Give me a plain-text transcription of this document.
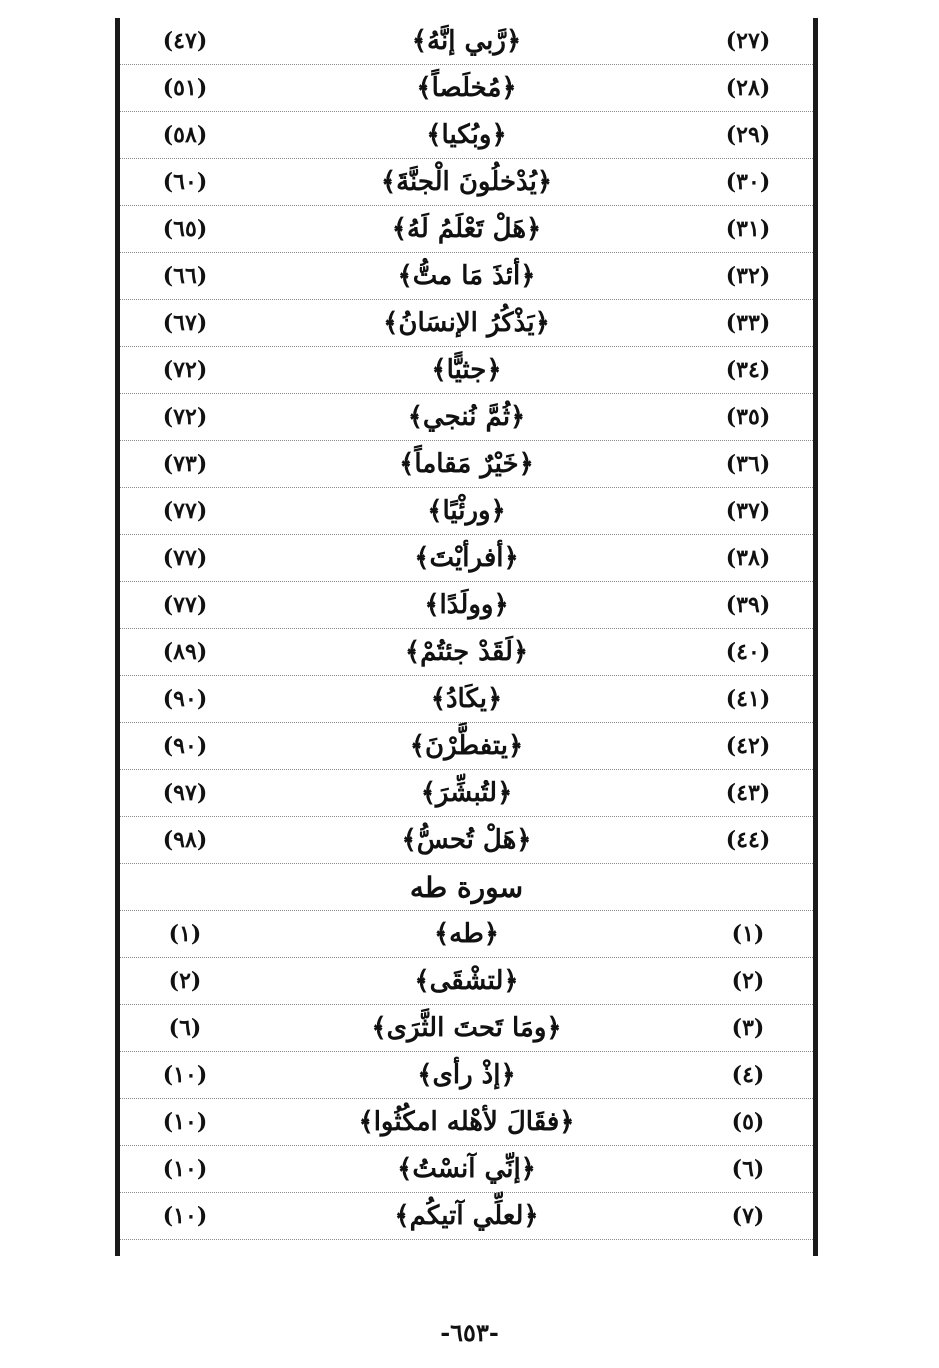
(٢٧)
﴿رَّبي إنَّهُ﴾
(٤٧)
(٢٨)
﴿مُخلَصاً﴾
(٥١)
(٢٩)
﴿وبُكيا﴾
(٥٨)
(٣٠)
﴿يُدْخلُونَ الْجنَّةَ﴾
(٦٠)
(٣١)
﴿هَلْ تَعْلَمُ لَهُ﴾
(٦٥)
(٣٢)
﴿أئذَ مَا متُّ﴾
(٦٦)
(٣٣)
﴿يَذْكُرُ الإنسَانُ﴾
(٦٧)
(٣٤)
﴿جثيًّا﴾
(٧٢)
(٣٥)
﴿ثُمَّ نُنجي﴾
(٧٢)
(٣٦)
﴿خَيْرٌ مَقاماً﴾
(٧٣)
(٣٧)
﴿ورئْيًا﴾
(٧٧)
(٣٨)
﴿أفرأيْتَ﴾
(٧٧)
(٣٩)
﴿وولَدًا﴾
(٧٧)
(٤٠)
﴿لَقَدْ جئتُمْ﴾
(٨٩)
(٤١)
﴿يكَادُ﴾
(٩٠)
(٤٢)
﴿يتفطَّرْنَ﴾
(٩٠)
(٤٣)
﴿لتُبشِّرَ﴾
(٩٧)
(٤٤)
﴿هَلْ تُحسُّ﴾
(٩٨)
سورة طه
(١)
﴿طه﴾
(١)
(٢)
﴿لتشْقَى﴾
(٢)
(٣)
﴿ومَا تَحتَ الثَّرَى﴾
(٦)
(٤)
﴿إذْ رأى﴾
(١٠)
(٥)
﴿فقَالَ لأهْله امكُثُوا﴾
(١٠)
(٦)
﴿إنِّي آنسْتُ﴾
(١٠)
(٧)
﴿لعلِّي آتيكُم﴾
(١٠)
-٦٥٣-
